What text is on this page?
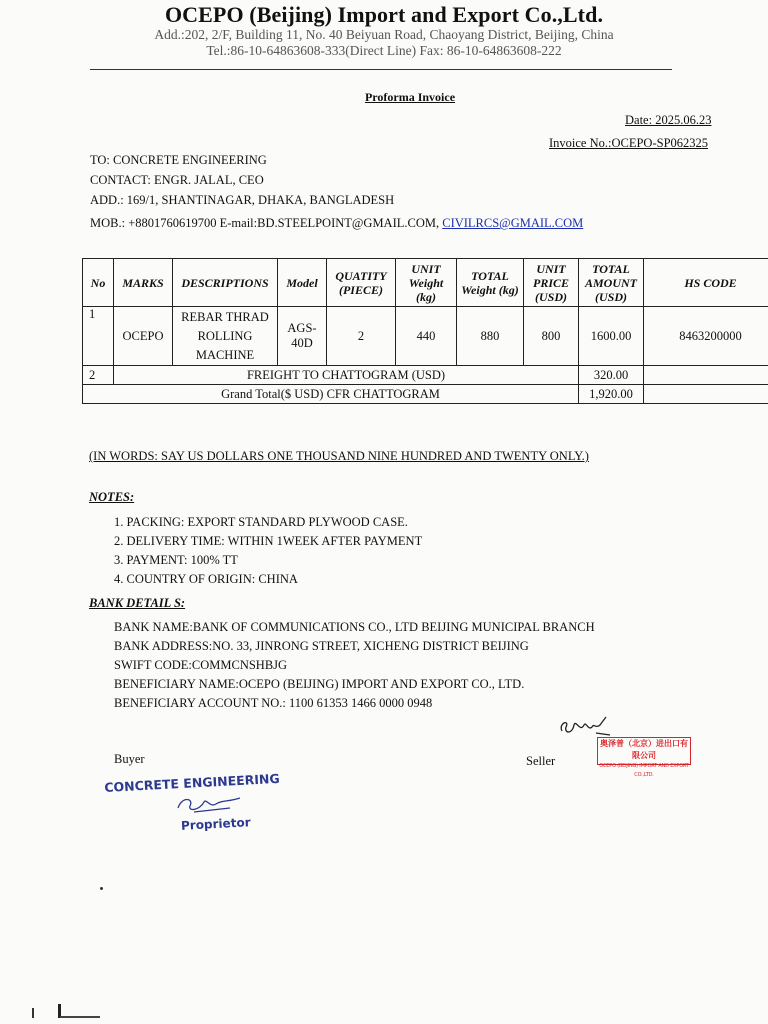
OCEPO (Beijing) Import and Export Co.,Ltd.
Add.:202, 2/F, Building 11, No. 40 Beiyuan Road, Chaoyang District, Beijing, China
Tel.:86-10-64863608-333(Direct Line) Fax: 86-10-64863608-222
Proforma Invoice
Date: 2025.06.23
Invoice No.:OCEPO-SP062325
TO: CONCRETE ENGINEERING
CONTACT: ENGR. JALAL, CEO
ADD.: 169/1, SHANTINAGAR, DHAKA, BANGLADESH
MOB.: +8801760619700 E-mail:BD.STEELPOINT@GMAIL.COM, CIVILRCS@GMAIL.COM
No	MARKS	DESCRIPTIONS	Model	QUATITY (PIECE)	UNIT Weight (kg)	TOTAL Weight (kg)	UNIT PRICE (USD)	TOTAL AMOUNT (USD)	HS CODE
1	OCEPO	REBAR THRAD ROLLING MACHINE	AGS-40D	2	440	880	800	1600.00	8463200000
2	FREIGHT TO CHATTOGRAM (USD)							320.00	
Grand Total($ USD) CFR CHATTOGRAM								1,920.00	
(IN WORDS: SAY US DOLLARS ONE THOUSAND NINE HUNDRED AND TWENTY ONLY.)
NOTES:
1. PACKING: EXPORT STANDARD PLYWOOD CASE.
2. DELIVERY TIME: WITHIN 1WEEK AFTER PAYMENT
3. PAYMENT: 100% TT
4. COUNTRY OF ORIGIN: CHINA
BANK DETAIL S:
BANK NAME:BANK OF COMMUNICATIONS CO., LTD BEIJING MUNICIPAL BRANCH
BANK ADDRESS:NO. 33, JINRONG STREET, XICHENG DISTRICT BEIJING
SWIFT CODE:COMMCNSHBJG
BENEFICIARY NAME:OCEPO (BEIJING) IMPORT AND EXPORT CO., LTD.
BENEFICIARY ACCOUNT NO.: 1100 61353 1466 0000 0948
Buyer	Seller
奥泽普（北京）进出口有限公司
OCEPO (BEIJING) IMPORT AND EXPORT CO.,LTD.
CONCRETE ENGINEERING
Proprietor
